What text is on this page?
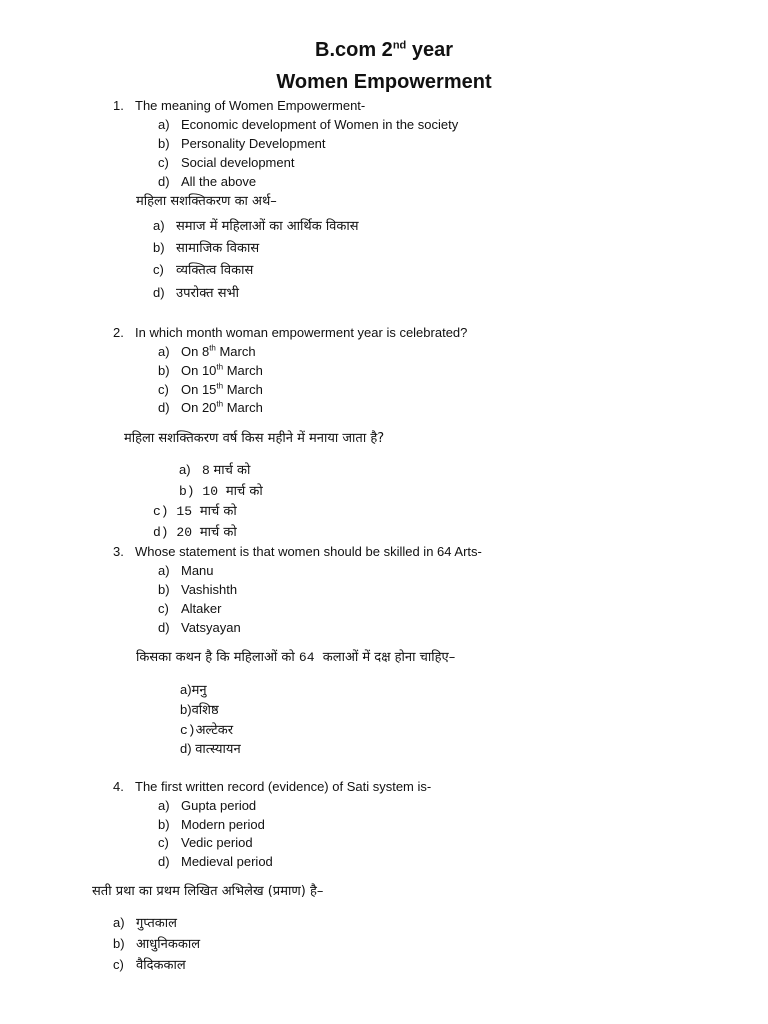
B.com 2nd year
Women Empowerment
1. The meaning of Women Empowerment-
a) Economic development of Women in the society
b) Personality Development
c) Social development
d) All the above
महिला सशक्तिकरण का अर्थ–
a) समाज में महिलाओं का आर्थिक विकास
b) सामाजिक विकास
c) व्यक्तित्व विकास
d) उपरोक्त सभी
2. In which month woman empowerment year is celebrated?
a) On 8th March
b) On 10th March
c) On 15th March
d) On 20th March
महिला सशक्तिकरण वर्ष किस महीने में मनाया जाता है?
a) 8 मार्च को
b) 10 मार्च को
c) 15 मार्च को
d) 20 मार्च को
3. Whose statement is that women should be skilled in 64 Arts-
a) Manu
b) Vashishth
c) Altaker
d) Vatsyayan
किसका कथन है कि महिलाओं को 64 कलाओं में दक्ष होना चाहिए–
a)मनु
b)वशिष्ठ
c)अल्टेकर
d) वात्स्यायन
4. The first written record (evidence) of Sati system is-
a) Gupta period
b) Modern period
c) Vedic period
d) Medieval period
सती प्रथा का प्रथम लिखित अभिलेख (प्रमाण) है–
a) गुप्तकाल
b) आधुनिककाल
c) वैदिककाल
